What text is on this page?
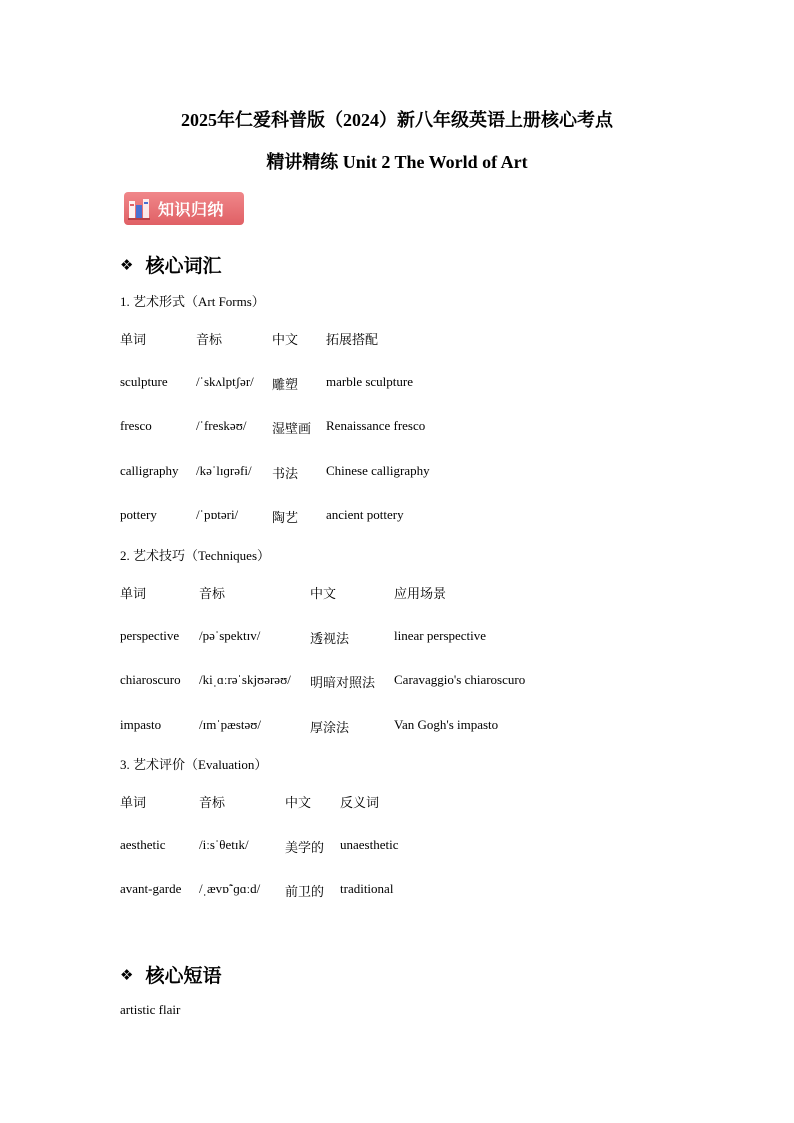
2025年仁爱科普版（2024）新八年级英语上册核心考点
精讲精练 Unit 2 The World of Art
知识归纳
❖ 核心词汇
1. 艺术形式（Art Forms）
单词	音标	中文 拓展搭配
sculpture /ˈskʌlptʃər/ 雕塑 marble sculpture
fresco	/ˈfreskəʊ/ 湿壁画 Renaissance fresco
calligraphy /kəˈlɪɡrəfi/ 书法 Chinese calligraphy
pottery	/ˈpɒtəri/	陶艺 ancient pottery
2. 艺术技巧（Techniques）
单词	音标	中文	应用场景
perspective /pəˈspektɪv/	透视法	linear perspective
chiaroscuro /kiˌɑːrəˈskjʊərəʊ/ 明暗对照法 Caravaggio's chiaroscuro
impasto	/ɪmˈpæstəʊ/	厚涂法	Van Gogh's impasto
3. 艺术评价（Evaluation）
单词	音标	中文 反义词
aesthetic	/iːsˈθetɪk/	美学的 unaesthetic
avant-garde /ˌævɒ̃ˈɡɑːd/ 前卫的 traditional
❖ 核心短语
artistic flair
